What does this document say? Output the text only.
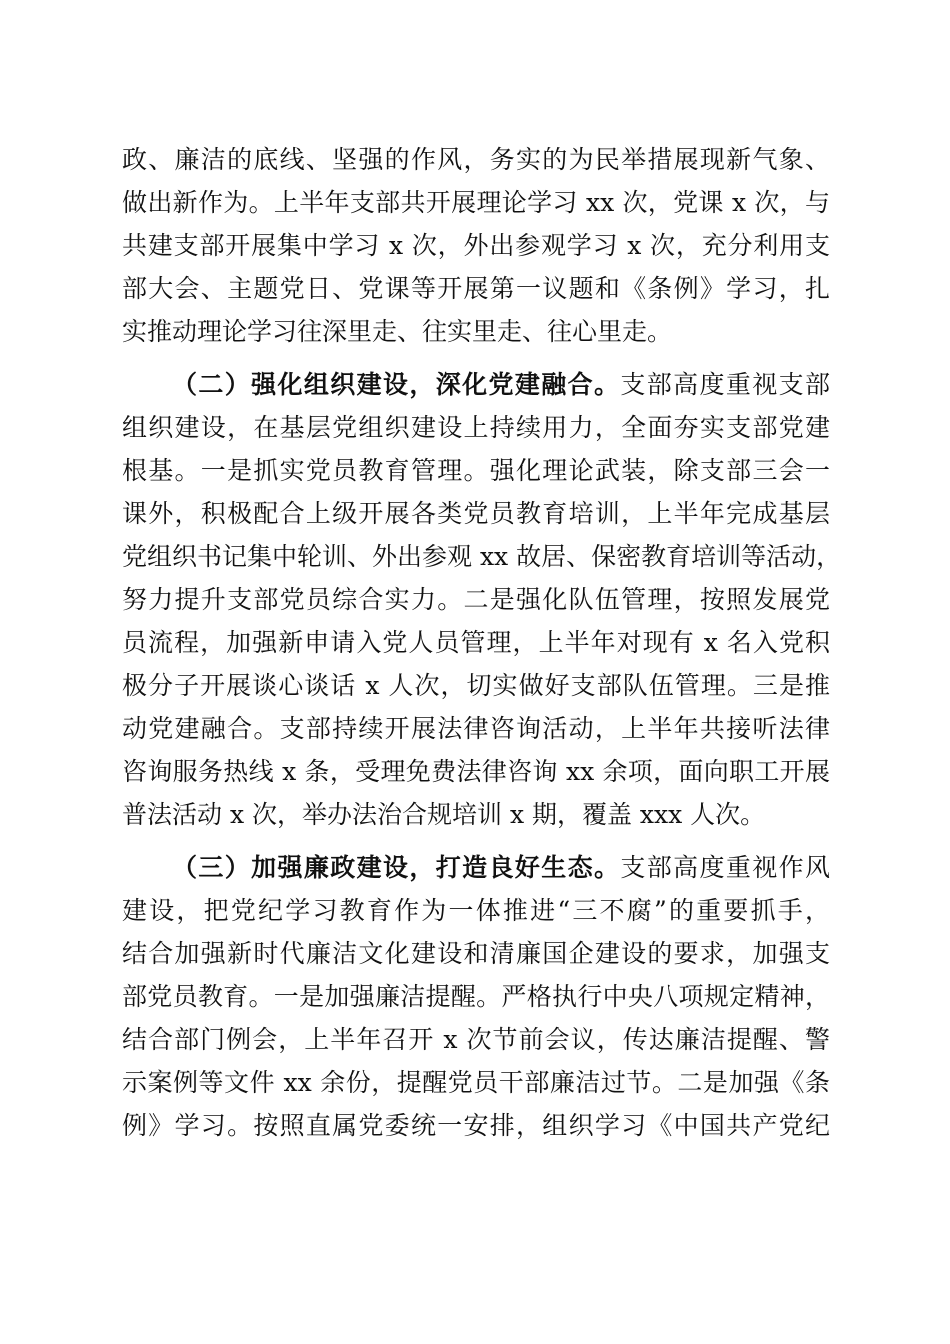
政、廉洁的底线、坚强的作风，务实的为民举措展现新气象、

做出新作为。上半年支部共开展理论学习 xx 次，党课 x 次，与

共建支部开展集中学习 x 次，外出参观学习 x 次，充分利用支

部大会、主题党日、党课等开展第一议题和《条例》学习，扎

实推动理论学习往深里走、往实里走、往心里走。

（二）强化组织建设，深化党建融合。支部高度重视支部

组织建设，在基层党组织建设上持续用力，全面夯实支部党建

根基。一是抓实党员教育管理。强化理论武装，除支部三会一

课外，积极配合上级开展各类党员教育培训，上半年完成基层

党组织书记集中轮训、外出参观 xx 故居、保密教育培训等活动，

努力提升支部党员综合实力。二是强化队伍管理，按照发展党

员流程，加强新申请入党人员管理，上半年对现有 x 名入党积

极分子开展谈心谈话 x 人次，切实做好支部队伍管理。三是推

动党建融合。支部持续开展法律咨询活动，上半年共接听法律

咨询服务热线 x 条，受理免费法律咨询 xx 余项，面向职工开展

普法活动 x 次，举办法治合规培训 x 期，覆盖 xxx 人次。

（三）加强廉政建设，打造良好生态。支部高度重视作风

建设，把党纪学习教育作为一体推进“三不腐”的重要抓手，

结合加强新时代廉洁文化建设和清廉国企建设的要求，加强支

部党员教育。一是加强廉洁提醒。严格执行中央八项规定精神，

结合部门例会，上半年召开 x 次节前会议，传达廉洁提醒、警

示案例等文件 xx 余份，提醒党员干部廉洁过节。二是加强《条

例》学习。按照直属党委统一安排，组织学习《中国共产党纪
